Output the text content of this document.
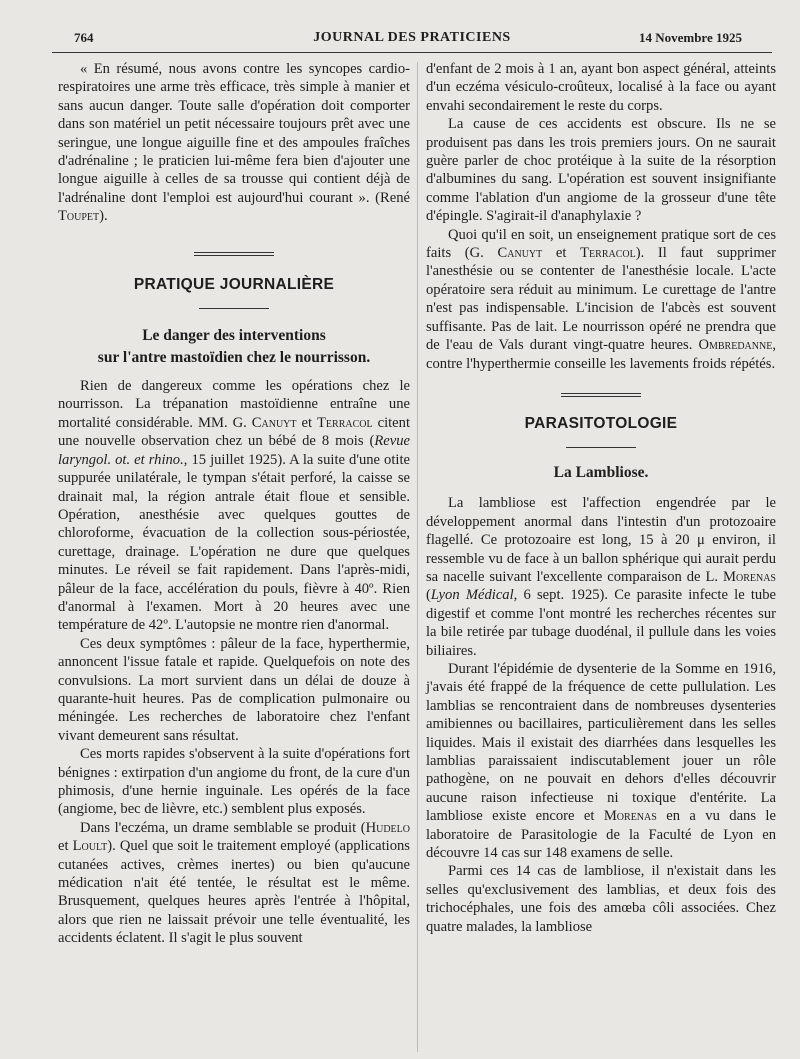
764	JOURNAL DES PRATICIENS	14 Novembre 1925

« En résumé, nous avons contre les syncopes cardio-respiratoires une arme très efficace, très simple à manier et sans aucun danger. Toute salle d'opération doit comporter dans son matériel un petit nécessaire toujours prêt avec une seringue, une longue aiguille fine et des ampoules fraîches d'adrénaline ; le praticien lui-même fera bien d'ajouter une longue aiguille à celles de sa trousse qui contient déjà de l'adrénaline dont l'emploi est aujourd'hui courant ». (René Toupet).

PRATIQUE JOURNALIÈRE
Le danger des interventions
sur l'antre mastoïdien chez le nourrisson.

Rien de dangereux comme les opérations chez le nourrisson. La trépanation mastoïdienne entraîne une mortalité considérable. MM. G. Canuyt et Terracol citent une nouvelle observation chez un bébé de 8 mois (Revue laryngol. ot. et rhino., 15 juillet 1925). A la suite d'une otite suppurée unilatérale, le tympan s'était perforé, la caisse se drainait mal, la région antrale était floue et sensible. Opération, anesthésie avec quelques gouttes de chloroforme, évacuation de la collection sous-périostée, curettage, drainage. L'opération ne dure que quelques minutes. Le réveil se fait rapidement. Dans l'après-midi, pâleur de la face, accélération du pouls, fièvre à 40º. Rien d'anormal à l'examen. Mort à 20 heures avec une température de 42º. L'autopsie ne montre rien d'anormal.

Ces deux symptômes : pâleur de la face, hyperthermie, annoncent l'issue fatale et rapide. Quelquefois on note des convulsions. La mort survient dans un délai de douze à quarante-huit heures. Pas de complication pulmonaire ou méningée. Les recherches de laboratoire chez l'enfant vivant demeurent sans résultat.

Ces morts rapides s'observent à la suite d'opérations fort bénignes : extirpation d'un angiome du front, de la cure d'un phimosis, d'une hernie inguinale. Les opérés de la face (angiome, bec de lièvre, etc.) semblent plus exposés.

Dans l'eczéma, un drame semblable se produit (Hudelo et Loult). Quel que soit le traitement employé (applications cutanées actives, crèmes inertes) ou bien qu'aucune médication n'ait été tentée, le résultat est le même. Brusquement, quelques heures après l'entrée à l'hôpital, alors que rien ne laissait prévoir une telle éventualité, les accidents éclatent. Il s'agit le plus souvent

d'enfant de 2 mois à 1 an, ayant bon aspect général, atteints d'un eczéma vésiculo-croûteux, localisé à la face ou ayant envahi secondairement le reste du corps.

La cause de ces accidents est obscure. Ils ne se produisent pas dans les trois premiers jours. On ne saurait guère parler de choc protéique à la suite de la résorption d'albumines du sang. L'opération est souvent insignifiante comme l'ablation d'un angiome de la grosseur d'une tête d'épingle. S'agirait-il d'anaphylaxie ?

Quoi qu'il en soit, un enseignement pratique sort de ces faits (G. Canuyt et Terracol). Il faut supprimer l'anesthésie ou se contenter de l'anesthésie locale. L'acte opératoire sera réduit au minimum. Le curettage de l'antre n'est pas indispensable. L'incision de l'abcès est souvent suffisante. Pas de lait. Le nourrisson opéré ne prendra que de l'eau de Vals durant vingt-quatre heures. Ombredanne, contre l'hyperthermie conseille les lavements froids répétés.

PARASITOTOLOGIE
La Lambliose.

La lambliose est l'affection engendrée par le développement anormal dans l'intestin d'un protozoaire flagellé. Ce protozoaire est long, 15 à 20 μ environ, il ressemble vu de face à un ballon sphérique qui aurait perdu sa nacelle suivant l'excellente comparaison de L. Morenas (Lyon Médical, 6 sept. 1925). Ce parasite infecte le tube digestif et comme l'ont montré les recherches récentes sur la bile retirée par tubage duodénal, il pullule dans les voies biliaires.

Durant l'épidémie de dysenterie de la Somme en 1916, j'avais été frappé de la fréquence de cette pullulation. Les lamblias se rencontraient dans de nombreuses dysenteries amibiennes ou bacillaires, particulièrement dans les selles liquides. Mais il existait des diarrhées dans lesquelles les lamblias paraissaient indiscutablement jouer un rôle pathogène, on ne pouvait en dehors d'elles découvrir aucune raison infectieuse ni toxique d'entérite. La lambliose existe encore et Morenas en a vu dans le laboratoire de Parasitologie de la Faculté de Lyon en découvre 14 cas sur 148 examens de selle.

Parmi ces 14 cas de lambliose, il n'existait dans les selles qu'exclusivement des lamblias, et deux fois des trichocéphales, une fois des amœba côli associées. Chez quatre malades, la lambliose
